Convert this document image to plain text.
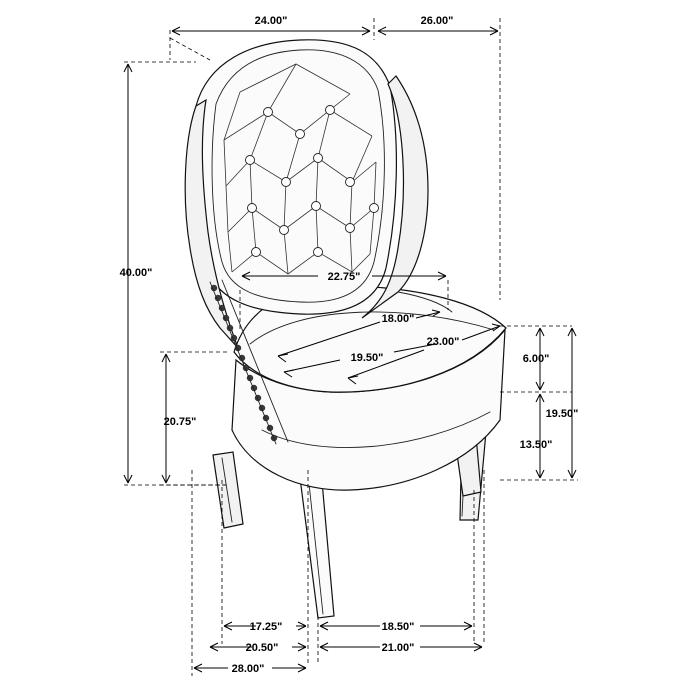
24.00"	26.00"
40.00"	22.75"
18.00"
23.00"
19.50"	6.00"
19.50"
20.75"
13.50"
17.25"	18.50"
20.50"	21.00"
28.00"
